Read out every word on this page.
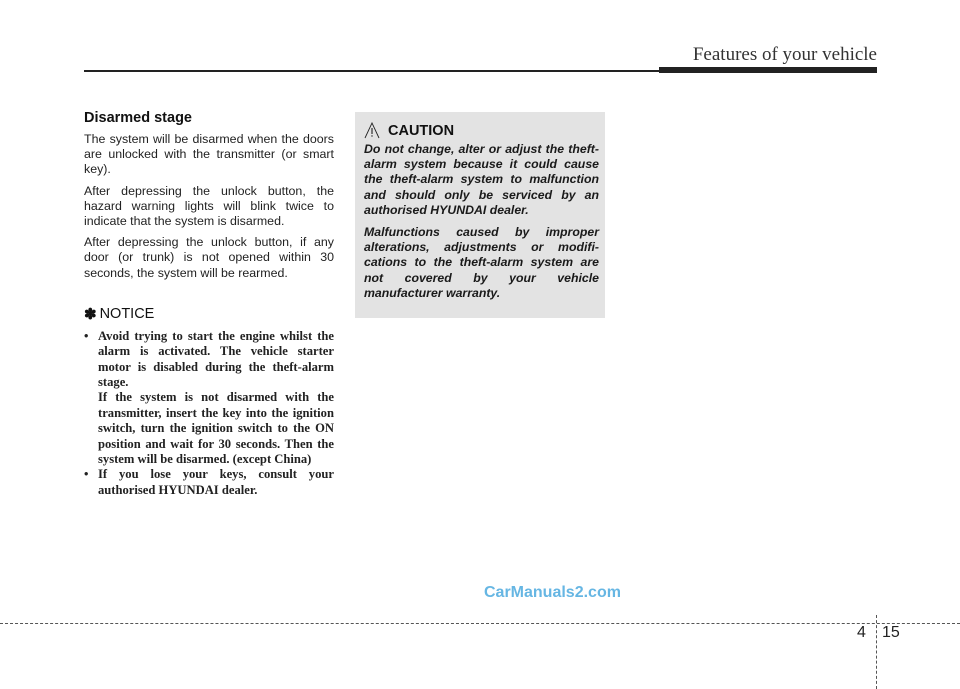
Features of your vehicle
Disarmed stage

The system will be disarmed when the doors are unlocked with the transmitter (or smart key).

After depressing the unlock button, the hazard warning lights will blink twice to indicate that the system is disarmed.

After depressing the unlock button, if any door (or trunk) is not opened within 30 seconds, the system will be rearmed.

✽ NOTICE
• Avoid trying to start the engine whilst the alarm is activated. The vehicle starter motor is disabled during the theft-alarm stage.
If the system is not disarmed with the transmitter, insert the key into the ignition switch, turn the ignition switch to the ON position and wait for 30 seconds. Then the system will be disarmed. (except China)
• If you lose your keys, consult your authorised HYUNDAI dealer.
CAUTION

Do not change, alter or adjust the theft-alarm system because it could cause the theft-alarm system to malfunction and should only be serviced by an authorised HYUNDAI dealer.

Malfunctions caused by improper alterations, adjustments or modifi-cations to the theft-alarm system are not covered by your vehicle manufacturer warranty.

CarManuals2.com
4 15
